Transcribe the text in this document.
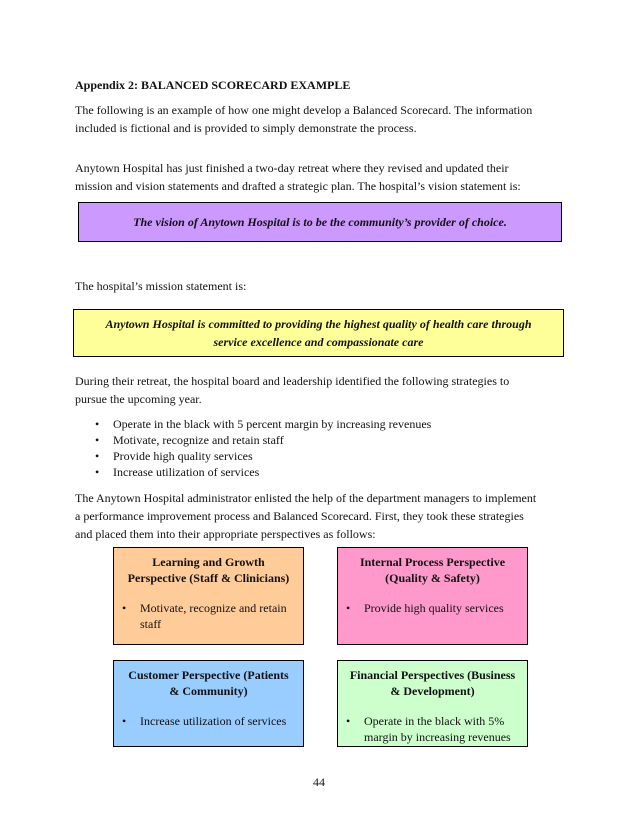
Appendix 2: BALANCED SCORECARD EXAMPLE
The following is an example of how one might develop a Balanced Scorecard. The information
included is fictional and is provided to simply demonstrate the process.
Anytown Hospital has just finished a two-day retreat where they revised and updated their
mission and vision statements and drafted a strategic plan. The hospital’s vision statement is:
The vision of Anytown Hospital is to be the community’s provider of choice.
The hospital’s mission statement is:
Anytown Hospital is committed to providing the highest quality of health care through
service excellence and compassionate care
During their retreat, the hospital board and leadership identified the following strategies to
pursue the upcoming year.
• Operate in the black with 5 percent margin by increasing revenues
• Motivate, recognize and retain staff
• Provide high quality services
• Increase utilization of services
The Anytown Hospital administrator enlisted the help of the department managers to implement
a performance improvement process and Balanced Scorecard. First, they took these strategies
and placed them into their appropriate perspectives as follows:
Learning and Growth
Perspective (Staff & Clinicians)
• Motivate, recognize and retain
staff
Internal Process Perspective
(Quality & Safety)
• Provide high quality services
Customer Perspective (Patients
& Community)
• Increase utilization of services
Financial Perspectives (Business
& Development)
• Operate in the black with 5%
margin by increasing revenues
44
